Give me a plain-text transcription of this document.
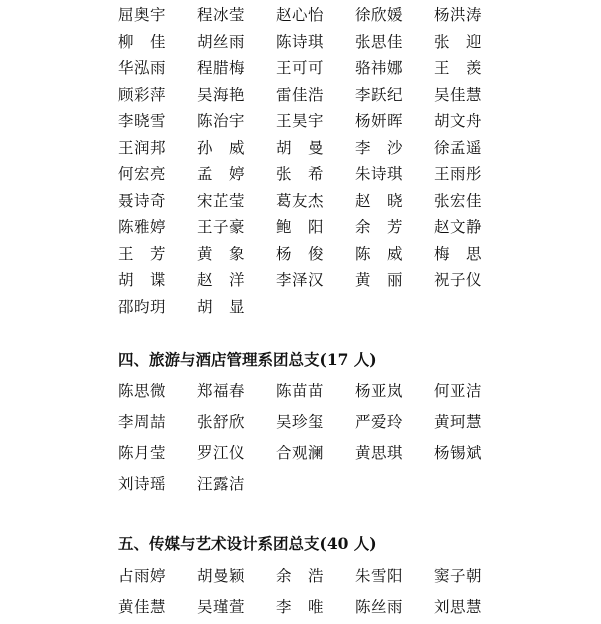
屈奥宇	程冰莹	赵心怡	徐欣媛	杨洪涛
柳　佳	胡丝雨	陈诗琪	张思佳	张　迎
华泓雨	程腊梅	王可可	骆祎娜	王　羡
顾彩萍	吴海艳	雷佳浩	李跃纪	吴佳慧
李晓雪	陈治宇	王昊宇	杨妍晖	胡文舟
王润邦	孙　威	胡　曼	李　沙	徐孟遥
何宏亮	孟　婷	张　希	朱诗琪	王雨彤
聂诗奇	宋芷莹	葛友杰	赵　晓	张宏佳
陈雅婷	王子豪	鲍　阳	余　芳	赵文静
王　芳	黄　象	杨　俊	陈　威	梅　思
胡　谍	赵　洋	李泽汉	黄　丽	祝子仪
邵昀玥	胡　显
四、旅游与酒店管理系团总支(17 人)
陈思微	郑福春	陈苗苗	杨亚岚	何亚洁
李周喆	张舒欣	吴珍玺	严爱玲	黄珂慧
陈月莹	罗江仪	合观澜	黄思琪	杨锡斌
刘诗瑶	汪露洁
五、传媒与艺术设计系团总支(40 人)
占雨婷	胡曼颖	余　浩	朱雪阳	窦子朝
黄佳慧	吴瑾萱	李　唯	陈丝雨	刘思慧
